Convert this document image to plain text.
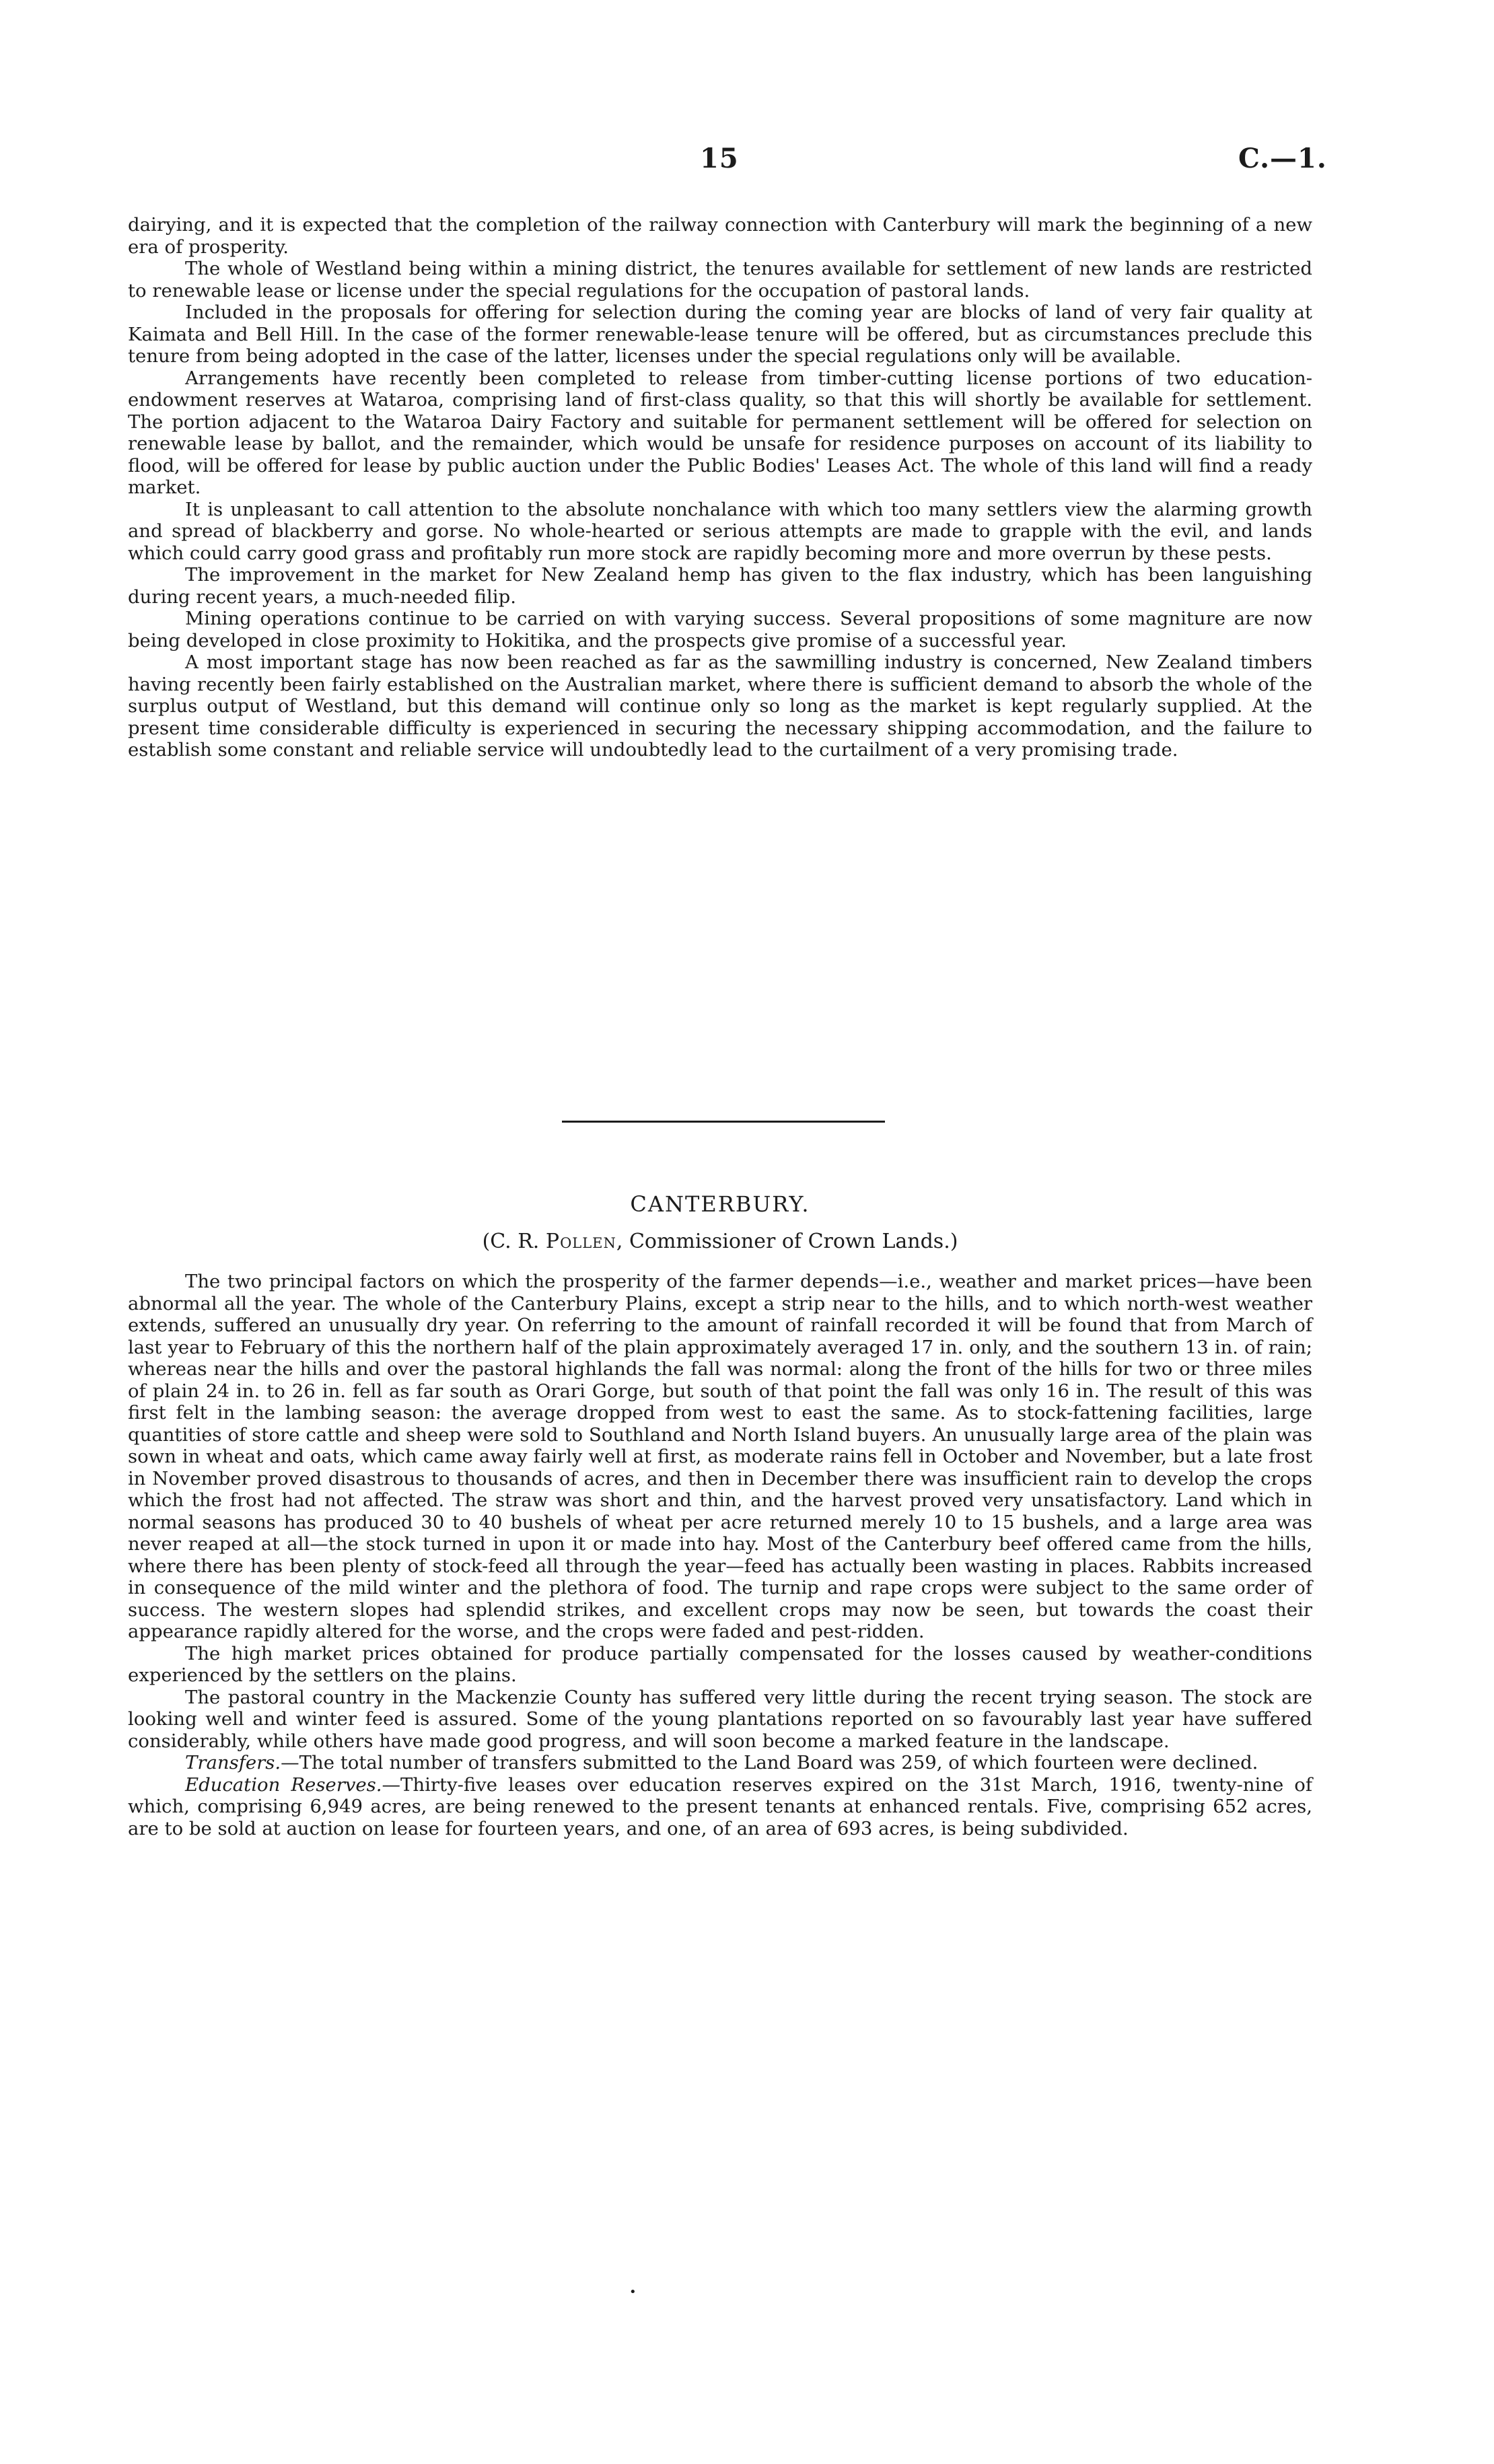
15	C.—1.

dairying, and it is expected that the completion of the railway connection with Canterbury will mark the beginning of a new era of prosperity.

The whole of Westland being within a mining district, the tenures available for settlement of new lands are restricted to renewable lease or license under the special regulations for the occupation of pastoral lands.

Included in the proposals for offering for selection during the coming year are blocks of land of very fair quality at Kaimata and Bell Hill. In the case of the former renewable-lease tenure will be offered, but as circumstances preclude this tenure from being adopted in the case of the latter, licenses under the special regulations only will be available.

Arrangements have recently been completed to release from timber-cutting license portions of two education-endowment reserves at Wataroa, comprising land of first-class quality, so that this will shortly be available for settlement. The portion adjacent to the Wataroa Dairy Factory and suitable for permanent settlement will be offered for selection on renewable lease by ballot, and the remainder, which would be unsafe for residence purposes on account of its liability to flood, will be offered for lease by public auction under the Public Bodies' Leases Act. The whole of this land will find a ready market.

It is unpleasant to call attention to the absolute nonchalance with which too many settlers view the alarming growth and spread of blackberry and gorse. No whole-hearted or serious attempts are made to grapple with the evil, and lands which could carry good grass and profitably run more stock are rapidly becoming more and more overrun by these pests.

The improvement in the market for New Zealand hemp has given to the flax industry, which has been languishing during recent years, a much-needed filip.

Mining operations continue to be carried on with varying success. Several propositions of some magniture are now being developed in close proximity to Hokitika, and the prospects give promise of a successful year.

A most important stage has now been reached as far as the sawmilling industry is concerned, New Zealand timbers having recently been fairly established on the Australian market, where there is sufficient demand to absorb the whole of the surplus output of Westland, but this demand will continue only so long as the market is kept regularly supplied. At the present time considerable difficulty is experienced in securing the necessary shipping accommodation, and the failure to establish some constant and reliable service will undoubtedly lead to the curtailment of a very promising trade.

CANTERBURY.
(C. R. Pollen, Commissioner of Crown Lands.)

The two principal factors on which the prosperity of the farmer depends—i.e., weather and market prices—have been abnormal all the year. The whole of the Canterbury Plains, except a strip near to the hills, and to which north-west weather extends, suffered an unusually dry year. On referring to the amount of rainfall recorded it will be found that from March of last year to February of this the northern half of the plain approximately averaged 17 in. only, and the southern 13 in. of rain; whereas near the hills and over the pastoral highlands the fall was normal: along the front of the hills for two or three miles of plain 24 in. to 26 in. fell as far south as Orari Gorge, but south of that point the fall was only 16 in. The result of this was first felt in the lambing season: the average dropped from west to east the same. As to stock-fattening facilities, large quantities of store cattle and sheep were sold to Southland and North Island buyers. An unusually large area of the plain was sown in wheat and oats, which came away fairly well at first, as moderate rains fell in October and November, but a late frost in November proved disastrous to thousands of acres, and then in December there was insufficient rain to develop the crops which the frost had not affected. The straw was short and thin, and the harvest proved very unsatisfactory. Land which in normal seasons has produced 30 to 40 bushels of wheat per acre returned merely 10 to 15 bushels, and a large area was never reaped at all—the stock turned in upon it or made into hay. Most of the Canterbury beef offered came from the hills, where there has been plenty of stock-feed all through the year—feed has actually been wasting in places. Rabbits increased in consequence of the mild winter and the plethora of food. The turnip and rape crops were subject to the same order of success. The western slopes had splendid strikes, and excellent crops may now be seen, but towards the coast their appearance rapidly altered for the worse, and the crops were faded and pest-ridden.

The high market prices obtained for produce partially compensated for the losses caused by weather-conditions experienced by the settlers on the plains.

The pastoral country in the Mackenzie County has suffered very little during the recent trying season. The stock are looking well and winter feed is assured. Some of the young plantations reported on so favourably last year have suffered considerably, while others have made good progress, and will soon become a marked feature in the landscape.

Transfers.—The total number of transfers submitted to the Land Board was 259, of which fourteen were declined.

Education Reserves.—Thirty-five leases over education reserves expired on the 31st March, 1916, twenty-nine of which, comprising 6,949 acres, are being renewed to the present tenants at enhanced rentals. Five, comprising 652 acres, are to be sold at auction on lease for fourteen years, and one, of an area of 693 acres, is being subdivided.

•
